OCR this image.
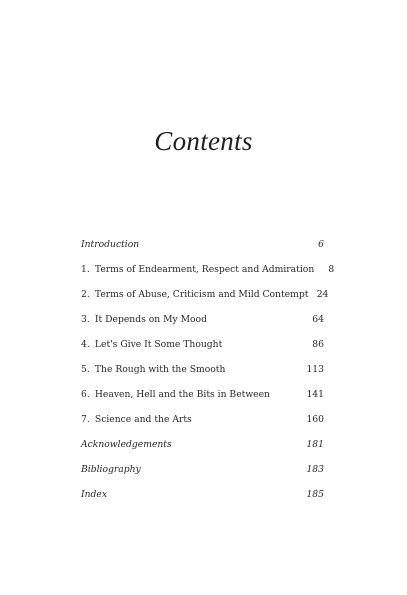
Contents
Introduction	6
1. Terms of Endearment, Respect and Admiration	8
2. Terms of Abuse, Criticism and Mild Contempt 24
3. It Depends on My Mood	64
4. Let's Give It Some Thought	86
5. The Rough with the Smooth	113
6. Heaven, Hell and the Bits in Between	141
7. Science and the Arts	160
Acknowledgements	181
Bibliography	183
Index	185
